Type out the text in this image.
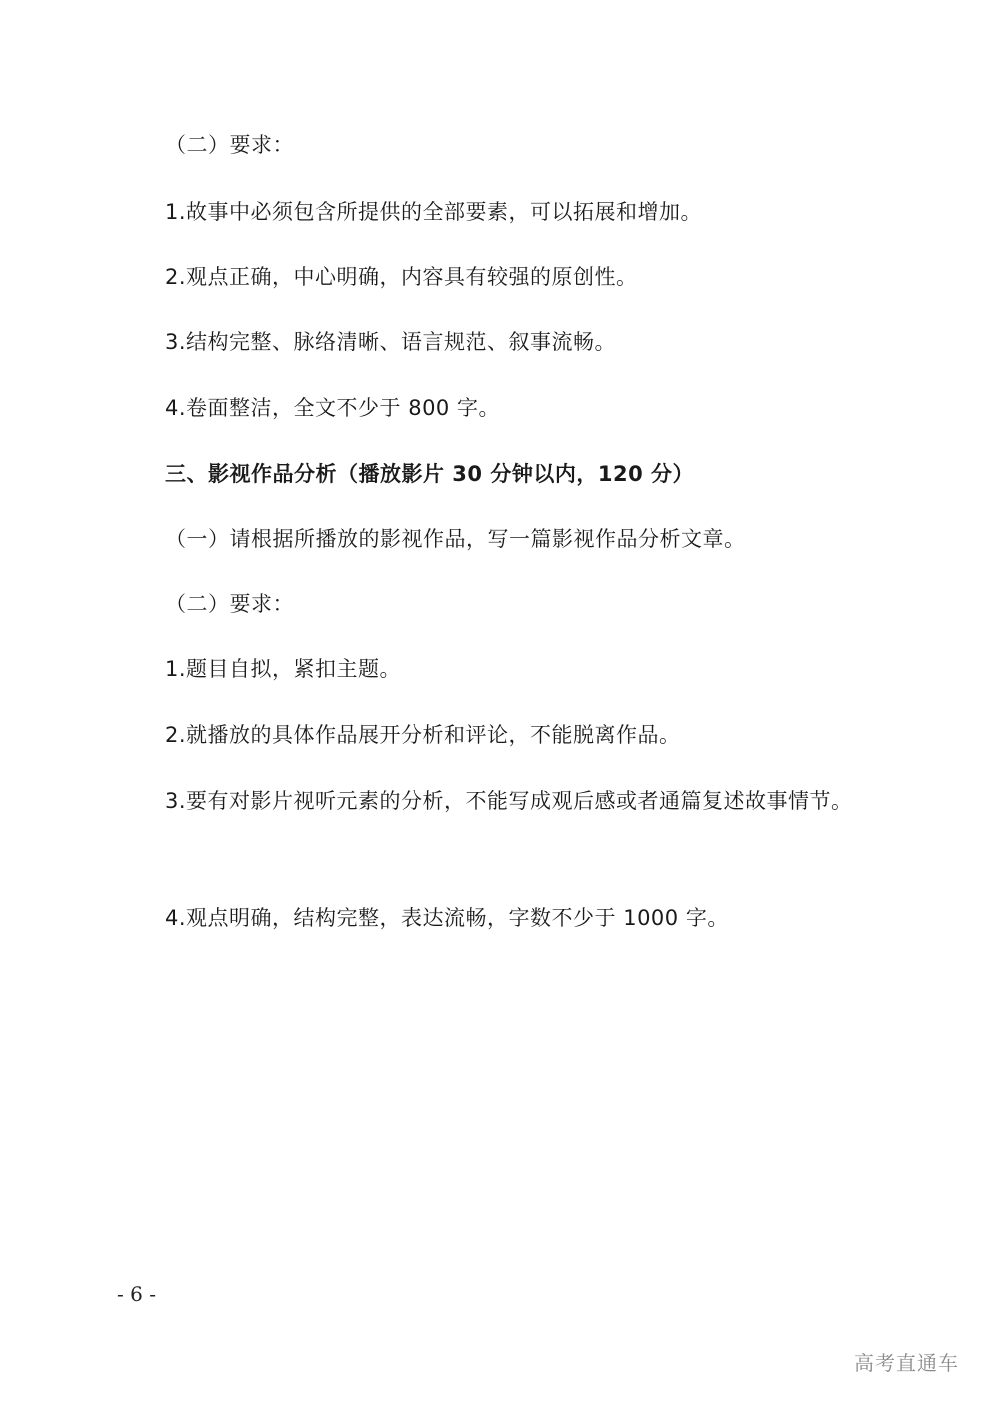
（二）要求：
1.故事中必须包含所提供的全部要素，可以拓展和增加。
2.观点正确，中心明确，内容具有较强的原创性。
3.结构完整、脉络清晰、语言规范、叙事流畅。
4.卷面整洁，全文不少于 800 字。
三、影视作品分析（播放影片 30 分钟以内，120 分）
（一）请根据所播放的影视作品，写一篇影视作品分析文章。
（二）要求：
1.题目自拟，紧扣主题。
2.就播放的具体作品展开分析和评论，不能脱离作品。
3.要有对影片视听元素的分析，不能写成观后感或者通篇复述故事情节。
4.观点明确，结构完整，表达流畅，字数不少于 1000 字。
- 6 -
高考直通车
